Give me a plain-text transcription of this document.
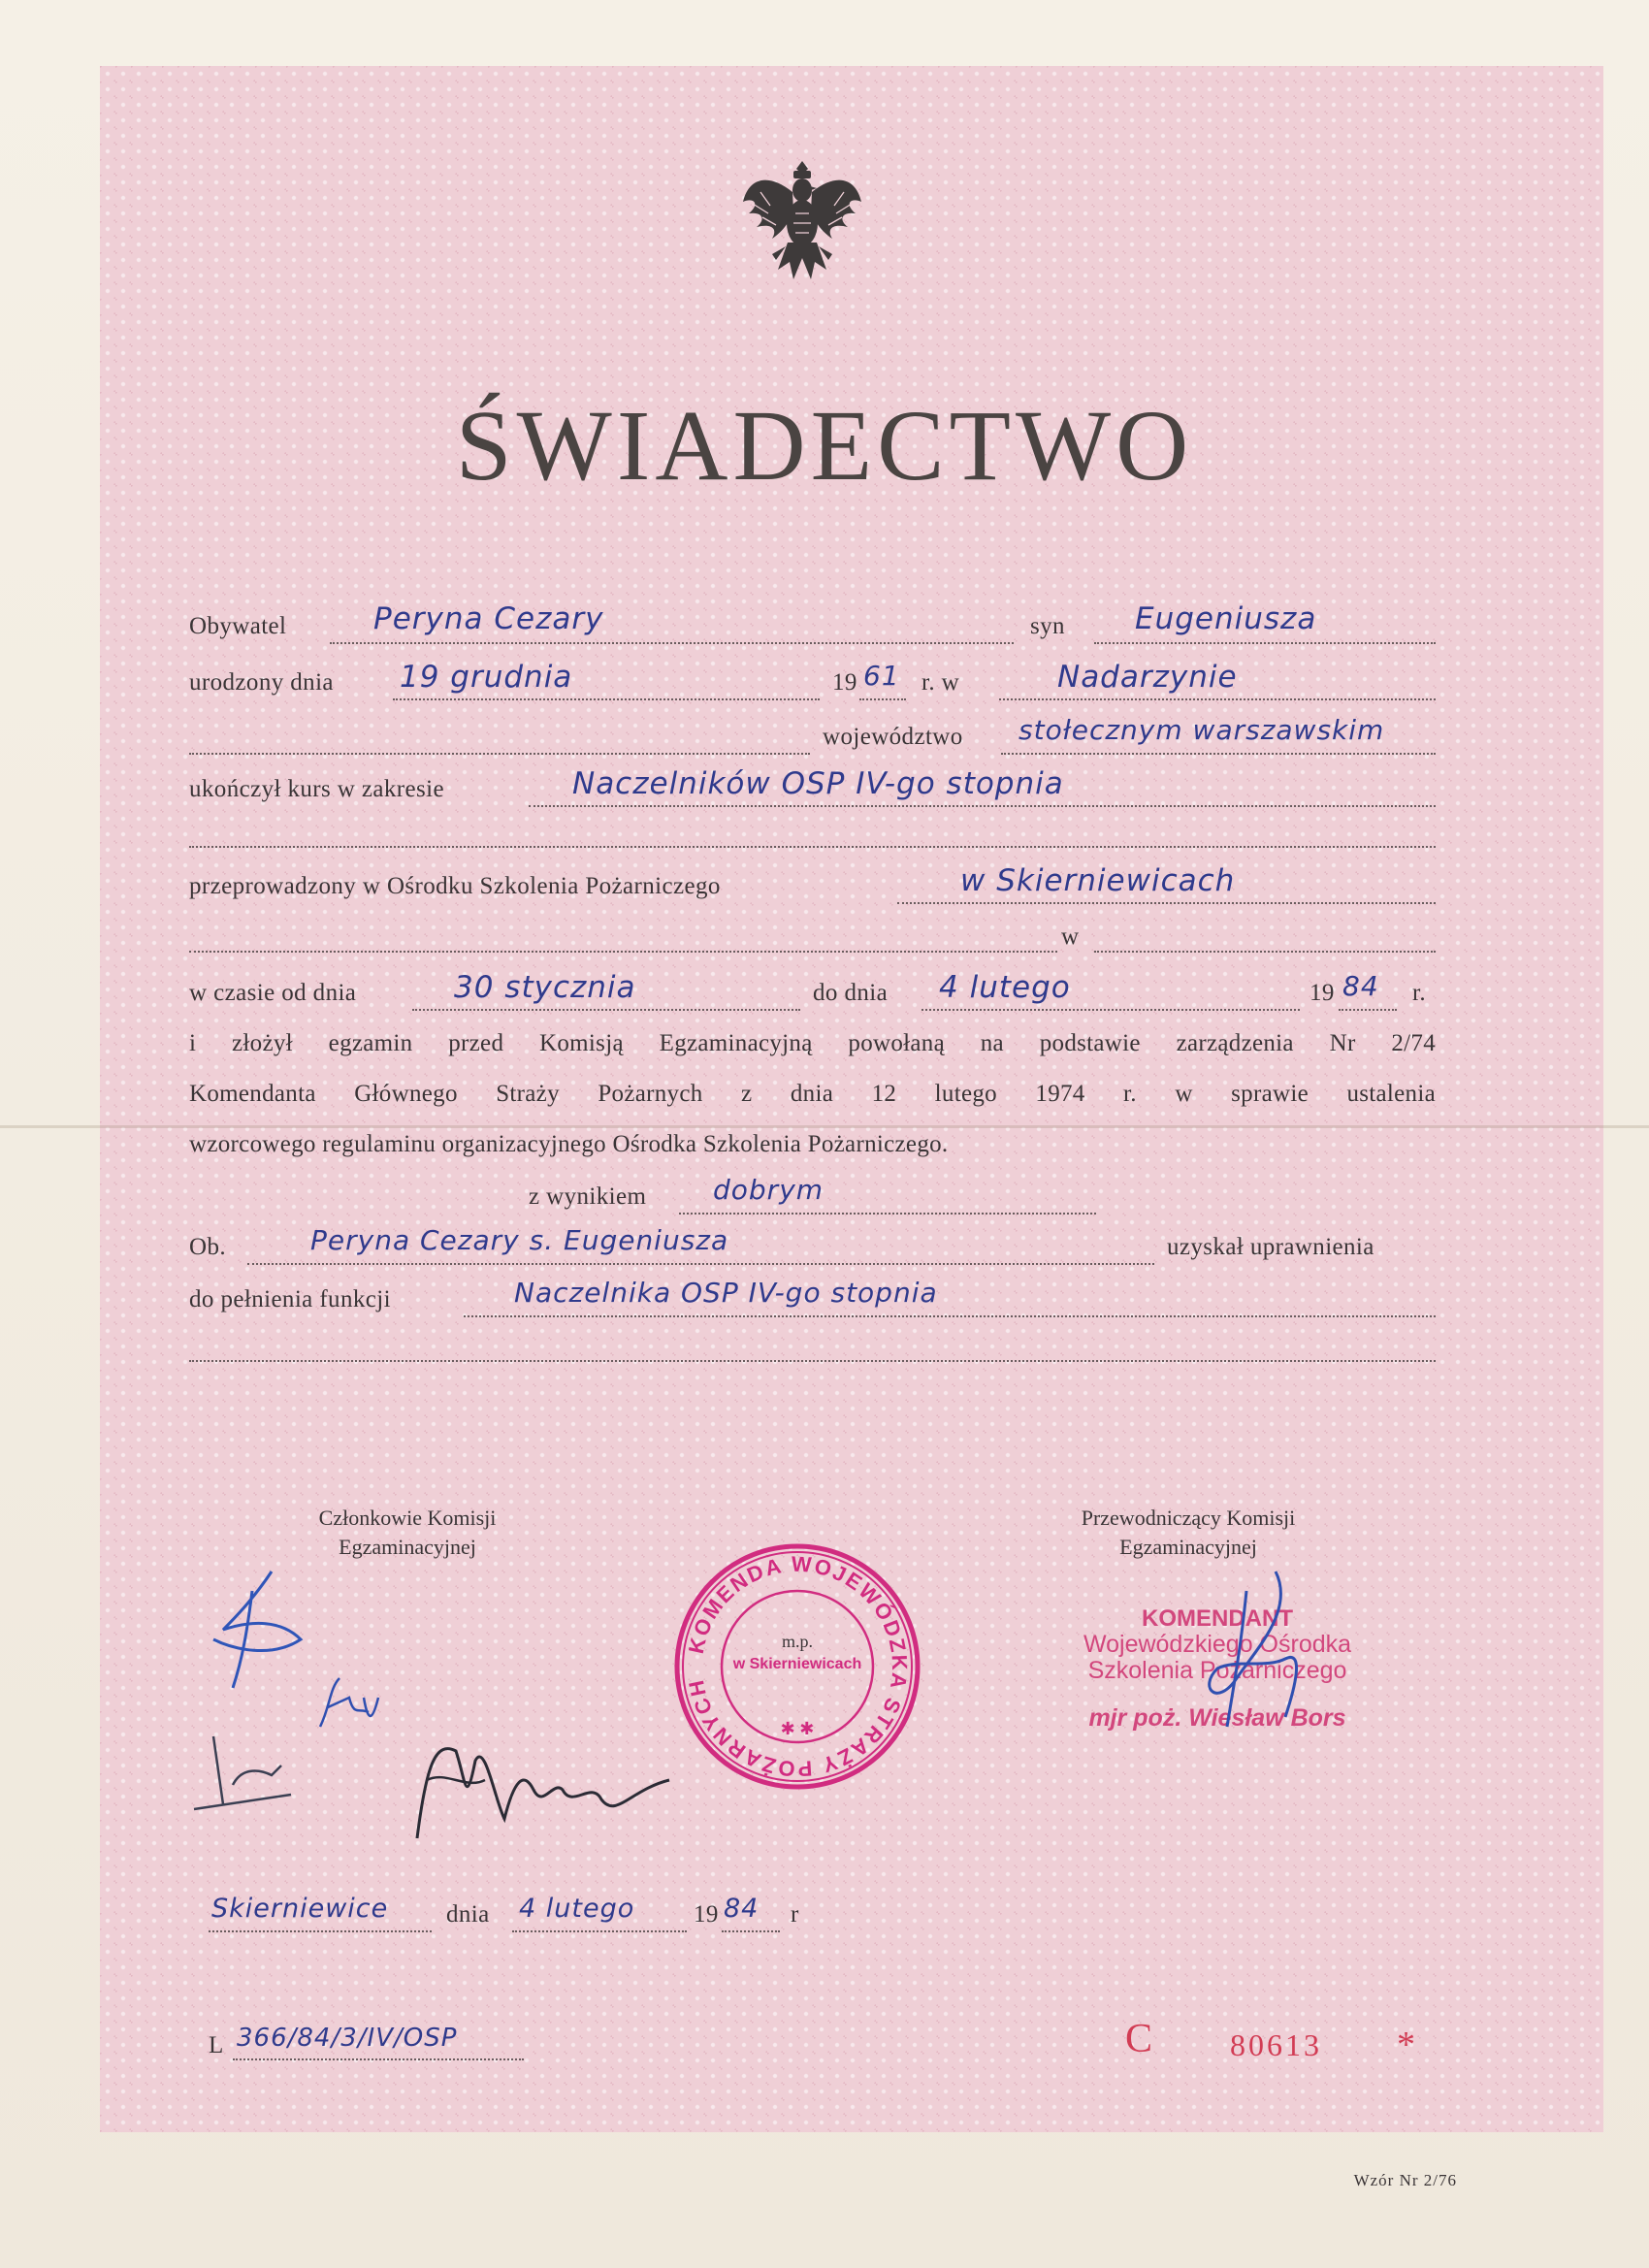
ŚWIADECTWO
Obywatel	Peryna Cezary	syn Eugeniusza
urodzony dnia 19 grudnia	19 61 r. w	Nadarzynie
województwo stołecznym warszawskim
ukończył kurs w zakresie	Naczelników OSP IV-go stopnia
przeprowadzony w Ośrodku Szkolenia Pożarniczego	w Skierniewicach
w
w czasie od dnia	30 stycznia	do dnia 4 lutego	19 84 r.
i złożył egzamin przed Komisją Egzaminacyjną powołaną na podstawie zarządzenia Nr 2/74
Komendanta Głównego Straży Pożarnych z dnia 12 lutego 1974 r. w sprawie ustalenia
wzorcowego regulaminu organizacyjnego Ośrodka Szkolenia Pożarniczego.
z wynikiem dobrym
Ob.	Peryna Cezary s. Eugeniusza	uzyskał uprawnienia
do pełnienia funkcji	Naczelnika OSP IV-go stopnia
Członkowie Komisji
Egzaminacyjnej
Przewodniczący Komisji
Egzaminacyjnej
KOMENDA WOJEWÓDZKA STRAŻY POŻARNYCH
w Skierniewicach
m.p.
✱ ✱
KOMENDANT
Wojewódzkiego Ośrodka
Szkolenia Pożarniczego
mjr poż. Wiesław Bors
Skierniewice dnia 4 lutego 19 84 r
L 366/84/3/IV/OSP	C 80613 *
Wzór Nr 2/76
